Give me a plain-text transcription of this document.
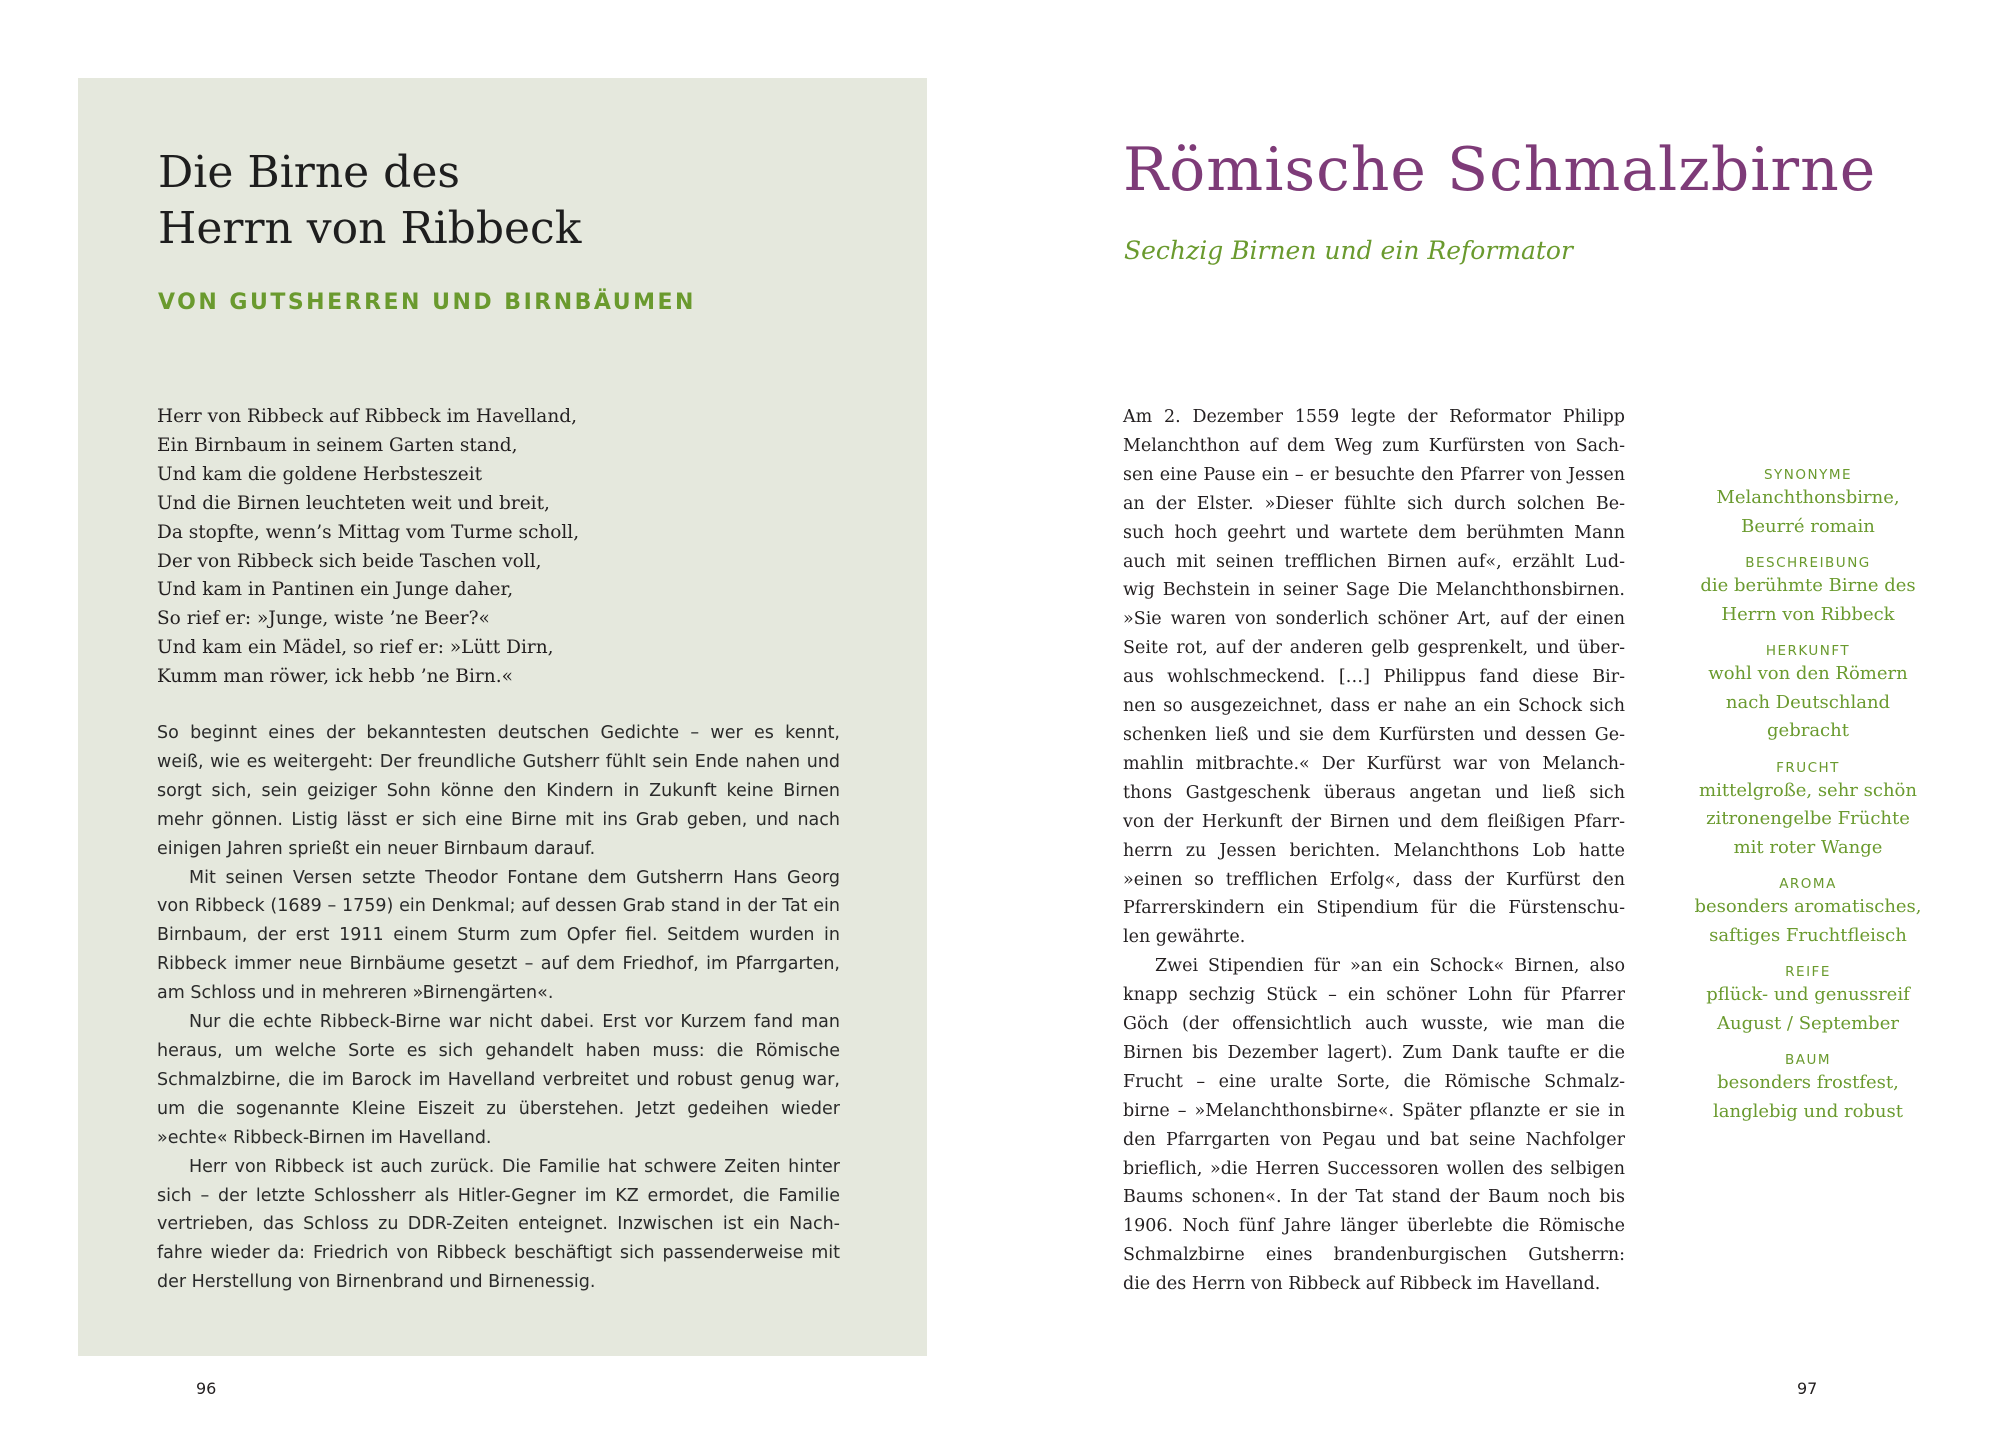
Die Birne des
Herrn von Ribbeck
VON GUTSHERREN UND BIRNBÄUMEN
Herr von Ribbeck auf Ribbeck im Havelland,
Ein Birnbaum in seinem Garten stand,
Und kam die goldene Herbsteszeit
Und die Birnen leuchteten weit und breit,
Da stopfte, wenn’s Mittag vom Turme scholl,
Der von Ribbeck sich beide Taschen voll,
Und kam in Pantinen ein Junge daher,
So rief er: »Junge, wiste ’ne Beer?«
Und kam ein Mädel, so rief er: »Lütt Dirn,
Kumm man röwer, ick hebb ’ne Birn.«
So beginnt eines der bekanntesten deutschen Gedichte – wer es kennt,
weiß, wie es weitergeht: Der freundliche Gutsherr fühlt sein Ende nahen und
sorgt sich, sein geiziger Sohn könne den Kindern in Zukunft keine Birnen
mehr gönnen. Listig lässt er sich eine Birne mit ins Grab geben, und nach
einigen Jahren sprießt ein neuer Birnbaum darauf.
Mit seinen Versen setzte Theodor Fontane dem Gutsherrn Hans Georg
von Ribbeck (1689 – 1759) ein Denkmal; auf dessen Grab stand in der Tat ein
Birnbaum, der erst 1911 einem Sturm zum Opfer fiel. Seitdem wurden in
Ribbeck immer neue Birnbäume gesetzt – auf dem Friedhof, im Pfarrgarten,
am Schloss und in mehreren »Birnengärten«.
Nur die echte Ribbeck-Birne war nicht dabei. Erst vor Kurzem fand man
heraus, um welche Sorte es sich gehandelt haben muss: die Römische
Schmalzbirne, die im Barock im Havelland verbreitet und robust genug war,
um die sogenannte Kleine Eiszeit zu überstehen. Jetzt gedeihen wieder
»echte« Ribbeck-Birnen im Havelland.
Herr von Ribbeck ist auch zurück. Die Familie hat schwere Zeiten hinter
sich – der letzte Schlossherr als Hitler-Gegner im KZ ermordet, die Familie
vertrieben, das Schloss zu DDR-Zeiten enteignet. Inzwischen ist ein Nach-
fahre wieder da: Friedrich von Ribbeck beschäftigt sich passenderweise mit
der Herstellung von Birnenbrand und Birnenessig.
96
Römische Schmalzbirne
Sechzig Birnen und ein Reformator
Am 2. Dezember 1559 legte der Reformator Philipp
Melanchthon auf dem Weg zum Kurfürsten von Sach-
sen eine Pause ein – er besuchte den Pfarrer von Jessen
an der Elster. »Dieser fühlte sich durch solchen Be-
such hoch geehrt und wartete dem berühmten Mann
auch mit seinen trefflichen Birnen auf«, erzählt Lud-
wig Bechstein in seiner Sage Die Melanchthonsbirnen.
»Sie waren von sonderlich schöner Art, auf der einen
Seite rot, auf der anderen gelb gesprenkelt, und über-
aus wohlschmeckend. […] Philippus fand diese Bir-
nen so ausgezeichnet, dass er nahe an ein Schock sich
schenken ließ und sie dem Kurfürsten und dessen Ge-
mahlin mitbrachte.« Der Kurfürst war von Melanch-
thons Gastgeschenk überaus angetan und ließ sich
von der Herkunft der Birnen und dem fleißigen Pfarr-
herrn zu Jessen berichten. Melanchthons Lob hatte
»einen so trefflichen Erfolg«, dass der Kurfürst den
Pfarrerskindern ein Stipendium für die Fürstenschu-
len gewährte.
Zwei Stipendien für »an ein Schock« Birnen, also
knapp sechzig Stück – ein schöner Lohn für Pfarrer
Göch (der offensichtlich auch wusste, wie man die
Birnen bis Dezember lagert). Zum Dank taufte er die
Frucht – eine uralte Sorte, die Römische Schmalz-
birne – »Melanchthonsbirne«. Später pflanzte er sie in
den Pfarrgarten von Pegau und bat seine Nachfolger
brieflich, »die Herren Successoren wollen des selbigen
Baums schonen«. In der Tat stand der Baum noch bis
1906. Noch fünf Jahre länger überlebte die Römische
Schmalzbirne eines brandenburgischen Gutsherrn:
die des Herrn von Ribbeck auf Ribbeck im Havelland.
SYNONYME
Melanchthonsbirne,
Beurré romain
BESCHREIBUNG
die berühmte Birne des
Herrn von Ribbeck
HERKUNFT
wohl von den Römern
nach Deutschland
gebracht
FRUCHT
mittelgroße, sehr schön
zitronengelbe Früchte
mit roter Wange
AROMA
besonders aromatisches,
saftiges Fruchtfleisch
REIFE
pflück- und genussreif
August / September
BAUM
besonders frostfest,
langlebig und robust
97
